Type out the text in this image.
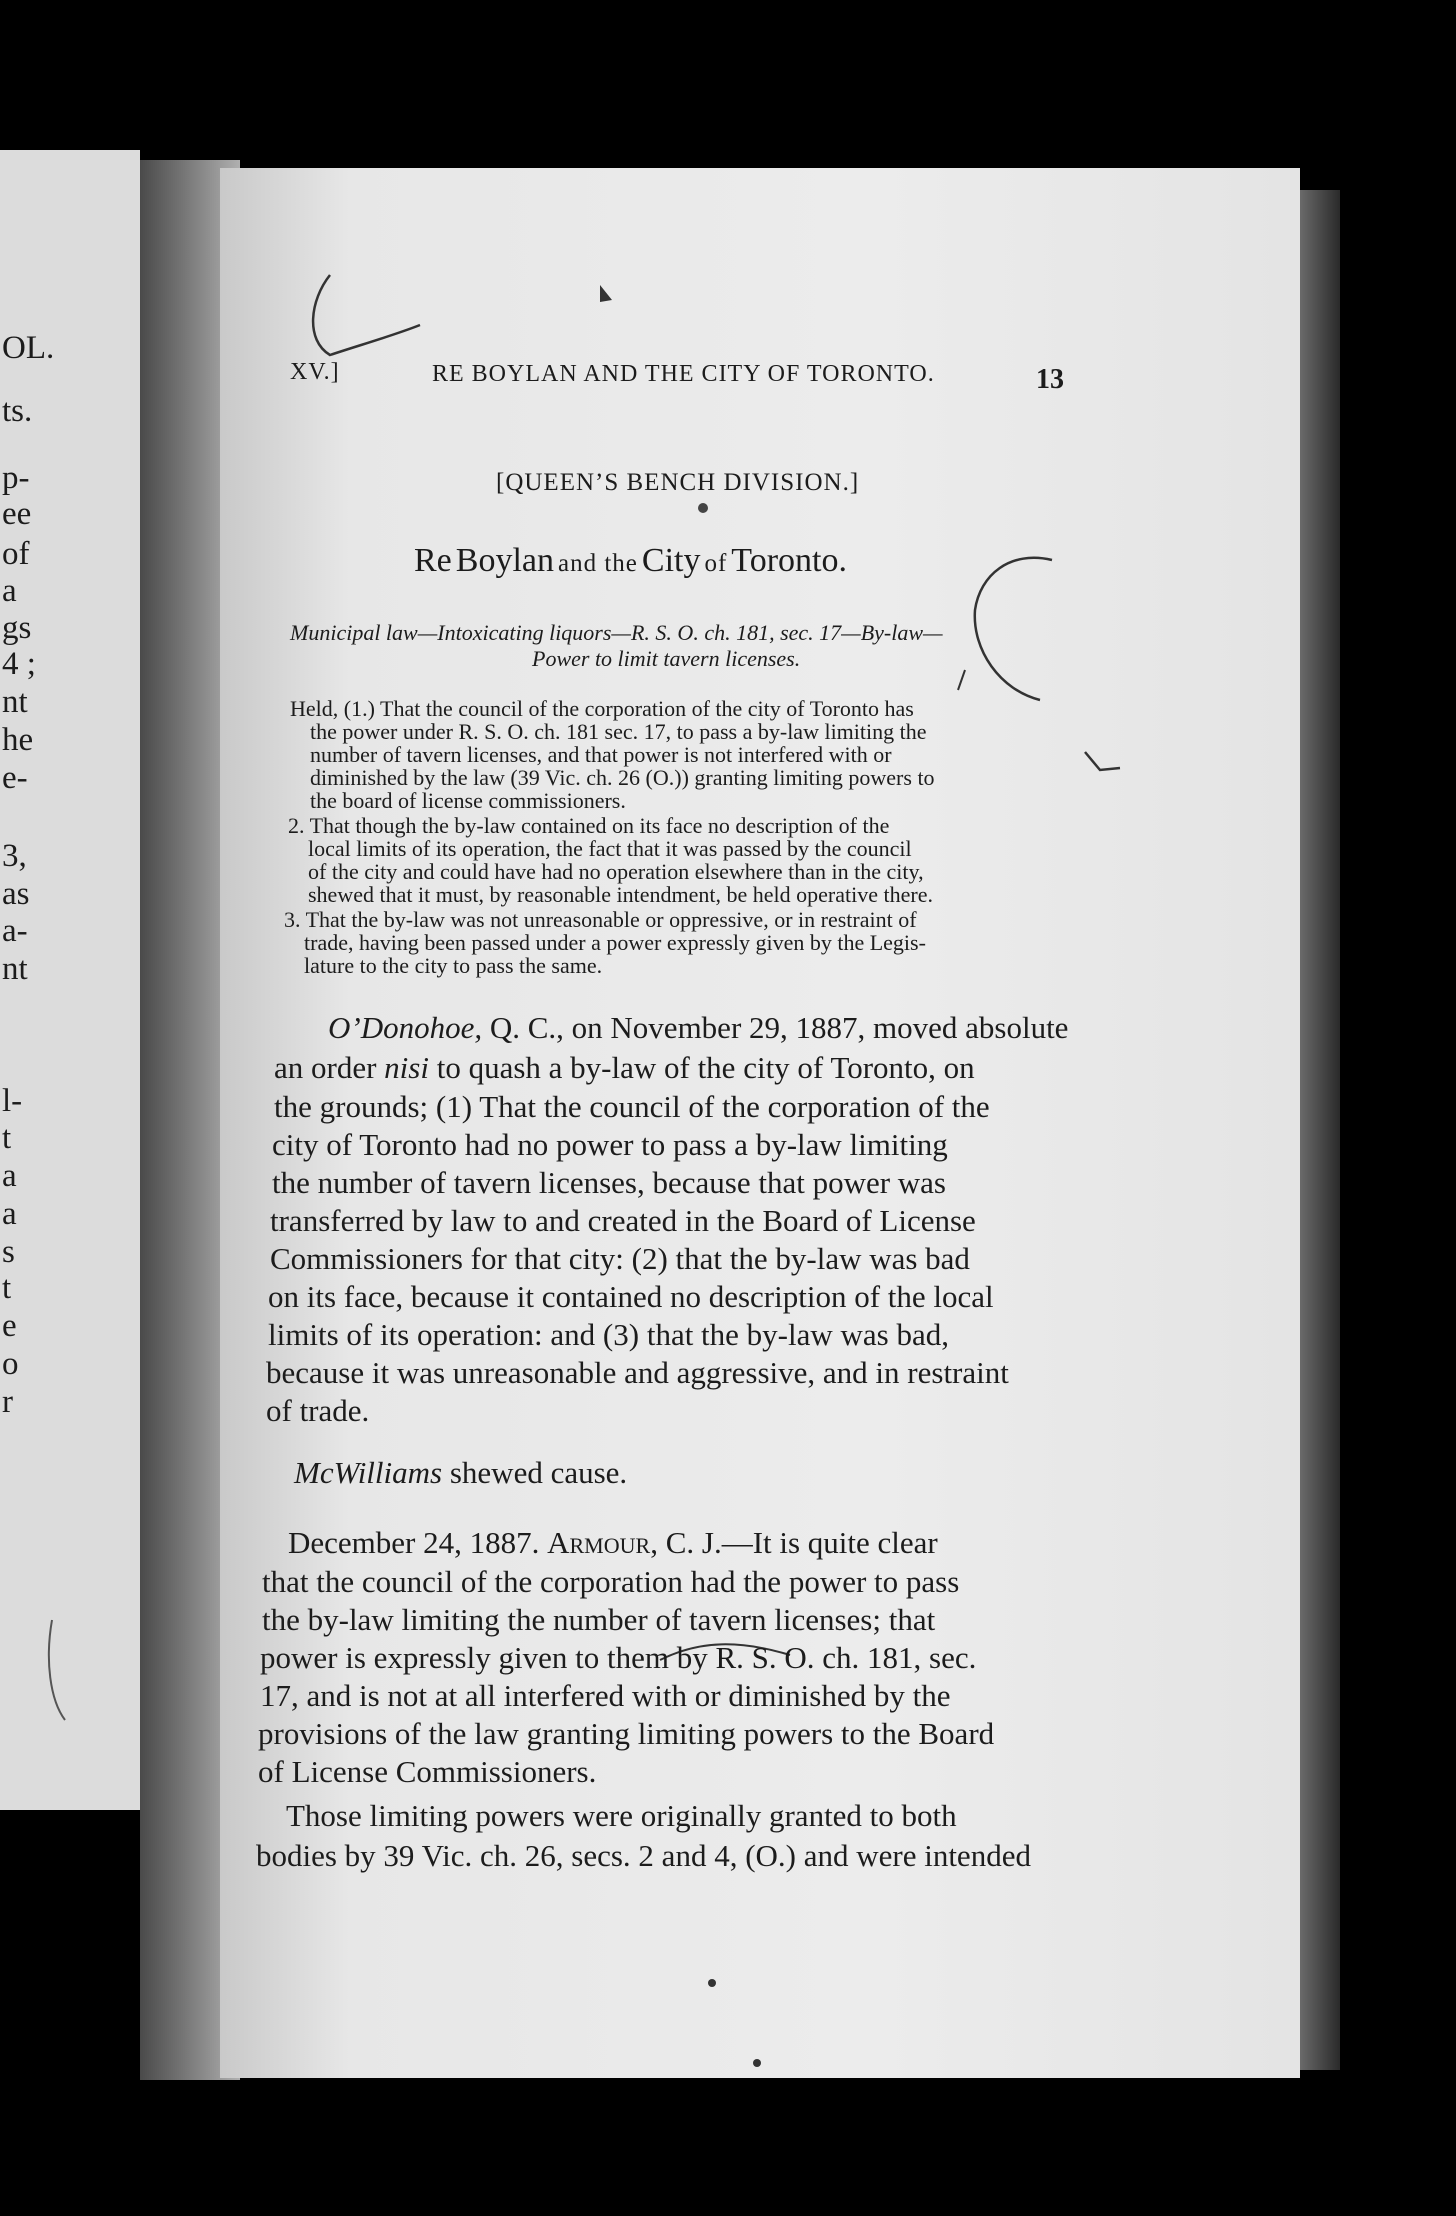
OL.
ts.
p-
ee
of
a
gs
4 ;
nt
he
e-
3,
as
a-
nt
l-
t
a
a
s
t
e
o
r
XV.]	RE BOYLAN AND THE CITY OF TORONTO.	13
[QUEEN’S BENCH DIVISION.]
Re Boylan and the City of Toronto.
Municipal law—Intoxicating liquors—R. S. O. ch. 181, sec. 17—By-law—
Power to limit tavern licenses.
Held, (1.) That the council of the corporation of the city of Toronto has
the power under R. S. O. ch. 181 sec. 17, to pass a by-law limiting the
number of tavern licenses, and that power is not interfered with or
diminished by the law (39 Vic. ch. 26 (O.)) granting limiting powers to
the board of license commissioners.
2. That though the by-law contained on its face no description of the
local limits of its operation, the fact that it was passed by the council
of the city and could have had no operation elsewhere than in the city,
shewed that it must, by reasonable intendment, be held operative there.
3. That the by-law was not unreasonable or oppressive, or in restraint of
trade, having been passed under a power expressly given by the Legis-
lature to the city to pass the same.
O’Donohoe, Q. C., on November 29, 1887, moved absolute
an order nisi to quash a by-law of the city of Toronto, on
the grounds; (1) That the council of the corporation of the
city of Toronto had no power to pass a by-law limiting
the number of tavern licenses, because that power was
transferred by law to and created in the Board of License
Commissioners for that city: (2) that the by-law was bad
on its face, because it contained no description of the local
limits of its operation: and (3) that the by-law was bad,
because it was unreasonable and aggressive, and in restraint
of trade.
McWilliams shewed cause.
December 24, 1887. Armour, C. J.—It is quite clear
that the council of the corporation had the power to pass
the by-law limiting the number of tavern licenses; that
power is expressly given to them by R. S. O. ch. 181, sec.
17, and is not at all interfered with or diminished by the
provisions of the law granting limiting powers to the Board
of License Commissioners.
Those limiting powers were originally granted to both
bodies by 39 Vic. ch. 26, secs. 2 and 4, (O.) and were intended
